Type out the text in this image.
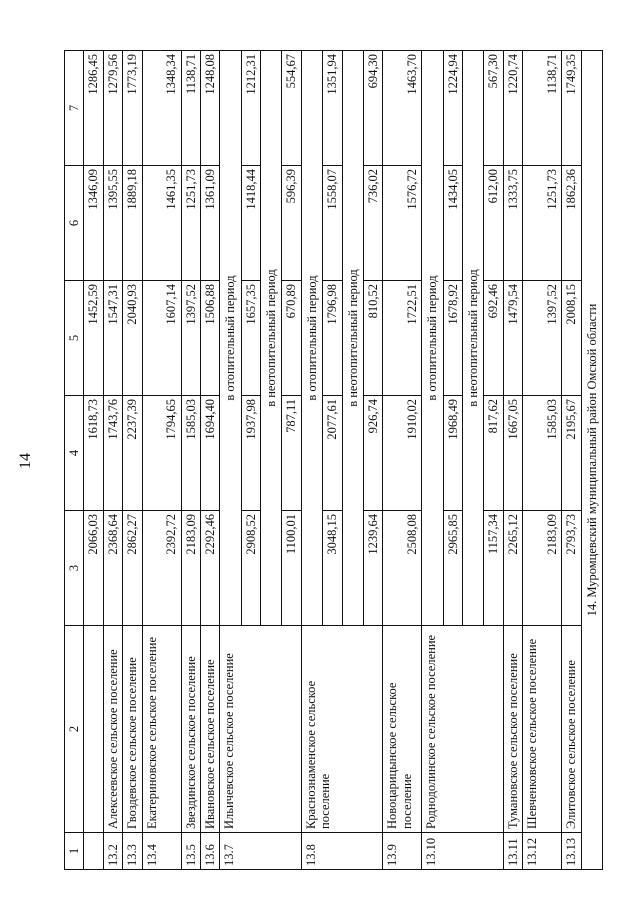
14
1	2	3	4	5	6	7
		2066,03	1618,73	1452,59	1346,09	1286,45
13.2	Алексеевское сельское поселение	2368,64	1743,76	1547,31	1395,55	1279,56
13.3	Гвоздевское сельское поселение	2862,27	2237,39	2040,93	1889,18	1773,19
13.4	Екатериновское сельское поселение	2392,72	1794,65	1607,14	1461,35	1348,34
13.5	Звездинское сельское поселение	2183,09	1585,03	1397,52	1251,73	1138,71
13.6	Ивановское сельское поселение	2292,46	1694,40	1506,88	1361,09	1248,08
13.7	Ильичевское сельское поселение	в отопительный период				
		2908,52	1937,98	1657,35	1418,44	1212,31
		в неотопительный период				
		1100,01	787,11	670,89	596,39	554,67
13.8	Краснознаменское сельское поселение	в отопительный период				
		3048,15	2077,61	1796,98	1558,07	1351,94
		в неотопительный период				
		1239,64	926,74	810,52	736,02	694,30
13.9	Новоцарицынское сельское поселение	2508,08	1910,02	1722,51	1576,72	1463,70
13.10	Роднодолинское сельское поселение	в отопительный период				
		2965,85	1968,49	1678,92	1434,05	1224,94
		в неотопительный период				
		1157,34	817,62	692,46	612,00	567,30
13.11	Тумановское сельское поселение	2265,12	1667,05	1479,54	1333,75	1220,74
13.12	Шевченковское сельское поселение	2183,09	1585,03	1397,52	1251,73	1138,71
13.13	Элитовское сельское поселение	2793,73	2195,67	2008,15	1862,36	1749,35
14. Муромцевский муниципальный район Омской области						
